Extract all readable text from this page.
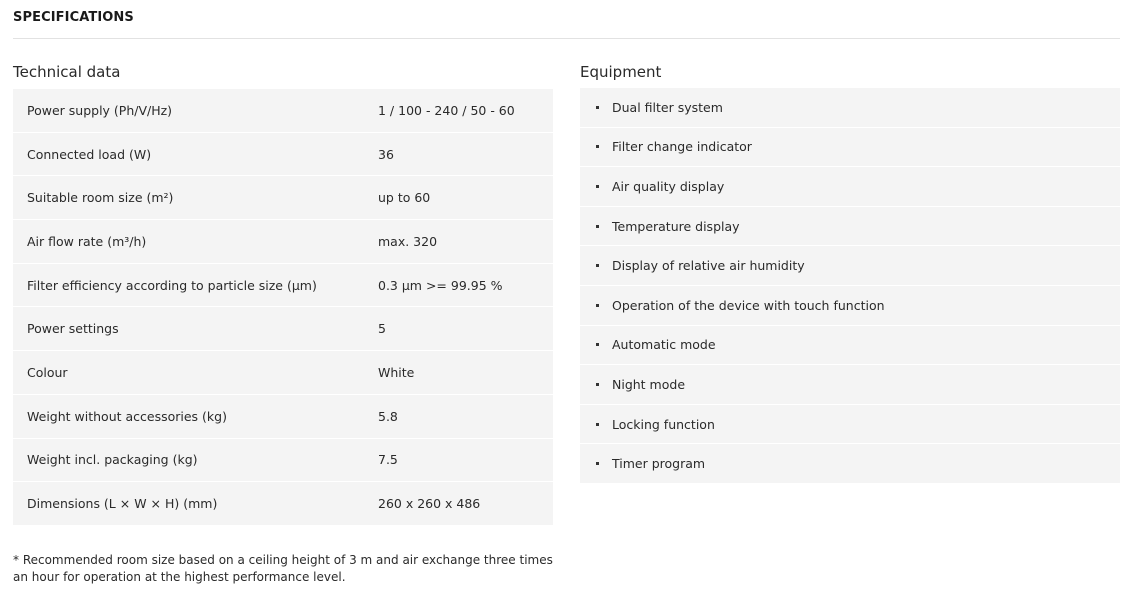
SPECIFICATIONS
Technical data	Equipment
Power supply (Ph/V/Hz)	1 / 100 - 240 / 50 - 60
Connected load (W)	36
Suitable room size (m²)	up to 60
Air flow rate (m³/h)	max. 320
Filter efficiency according to particle size (µm)	0.3 µm >= 99.95 %
Power settings	5
Colour	White
Weight without accessories (kg)	5.8
Weight incl. packaging (kg)	7.5
Dimensions (L × W × H) (mm)	260 x 260 x 486
Dual filter system
Filter change indicator
Air quality display
Temperature display
Display of relative air humidity
Operation of the device with touch function
Automatic mode
Night mode
Locking function
Timer program
* Recommended room size based on a ceiling height of 3 m and air exchange three times an hour for operation at the highest performance level.
